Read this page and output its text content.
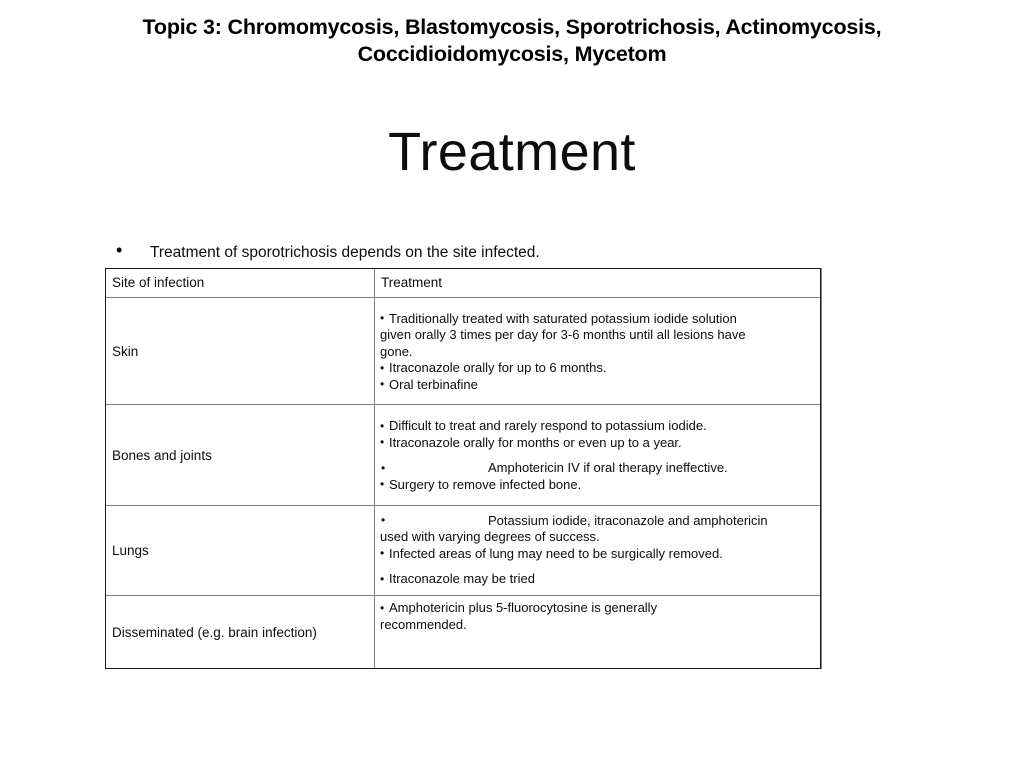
Topic 3: Chromomycosis, Blastomycosis, Sporotrichosis, Actinomycosis, Coccidioidomycosis, Mycetom
Treatment
• Treatment of sporotrichosis depends on the site infected.
Site of infection	Treatment
Skin	
• Traditionally treated with saturated potassium iodide solution
given orally 3 times per day for 3-6 months until all lesions have
gone.
• Itraconazole orally for up to 6 months.
• Oral terbinafine

Bones and joints	
• Difficult to treat and rarely respond to potassium iodide.
• Itraconazole orally for months or even up to a year.
• Amphotericin IV if oral therapy ineffective.
• Surgery to remove infected bone.

Lungs	
• Potassium iodide, itraconazole and amphotericin
used with varying degrees of success.
• Infected areas of lung may need to be surgically removed.
• Itraconazole may be tried

Disseminated (e.g. brain infection)	
• Amphotericin plus 5-fluorocytosine is generally
recommended.
